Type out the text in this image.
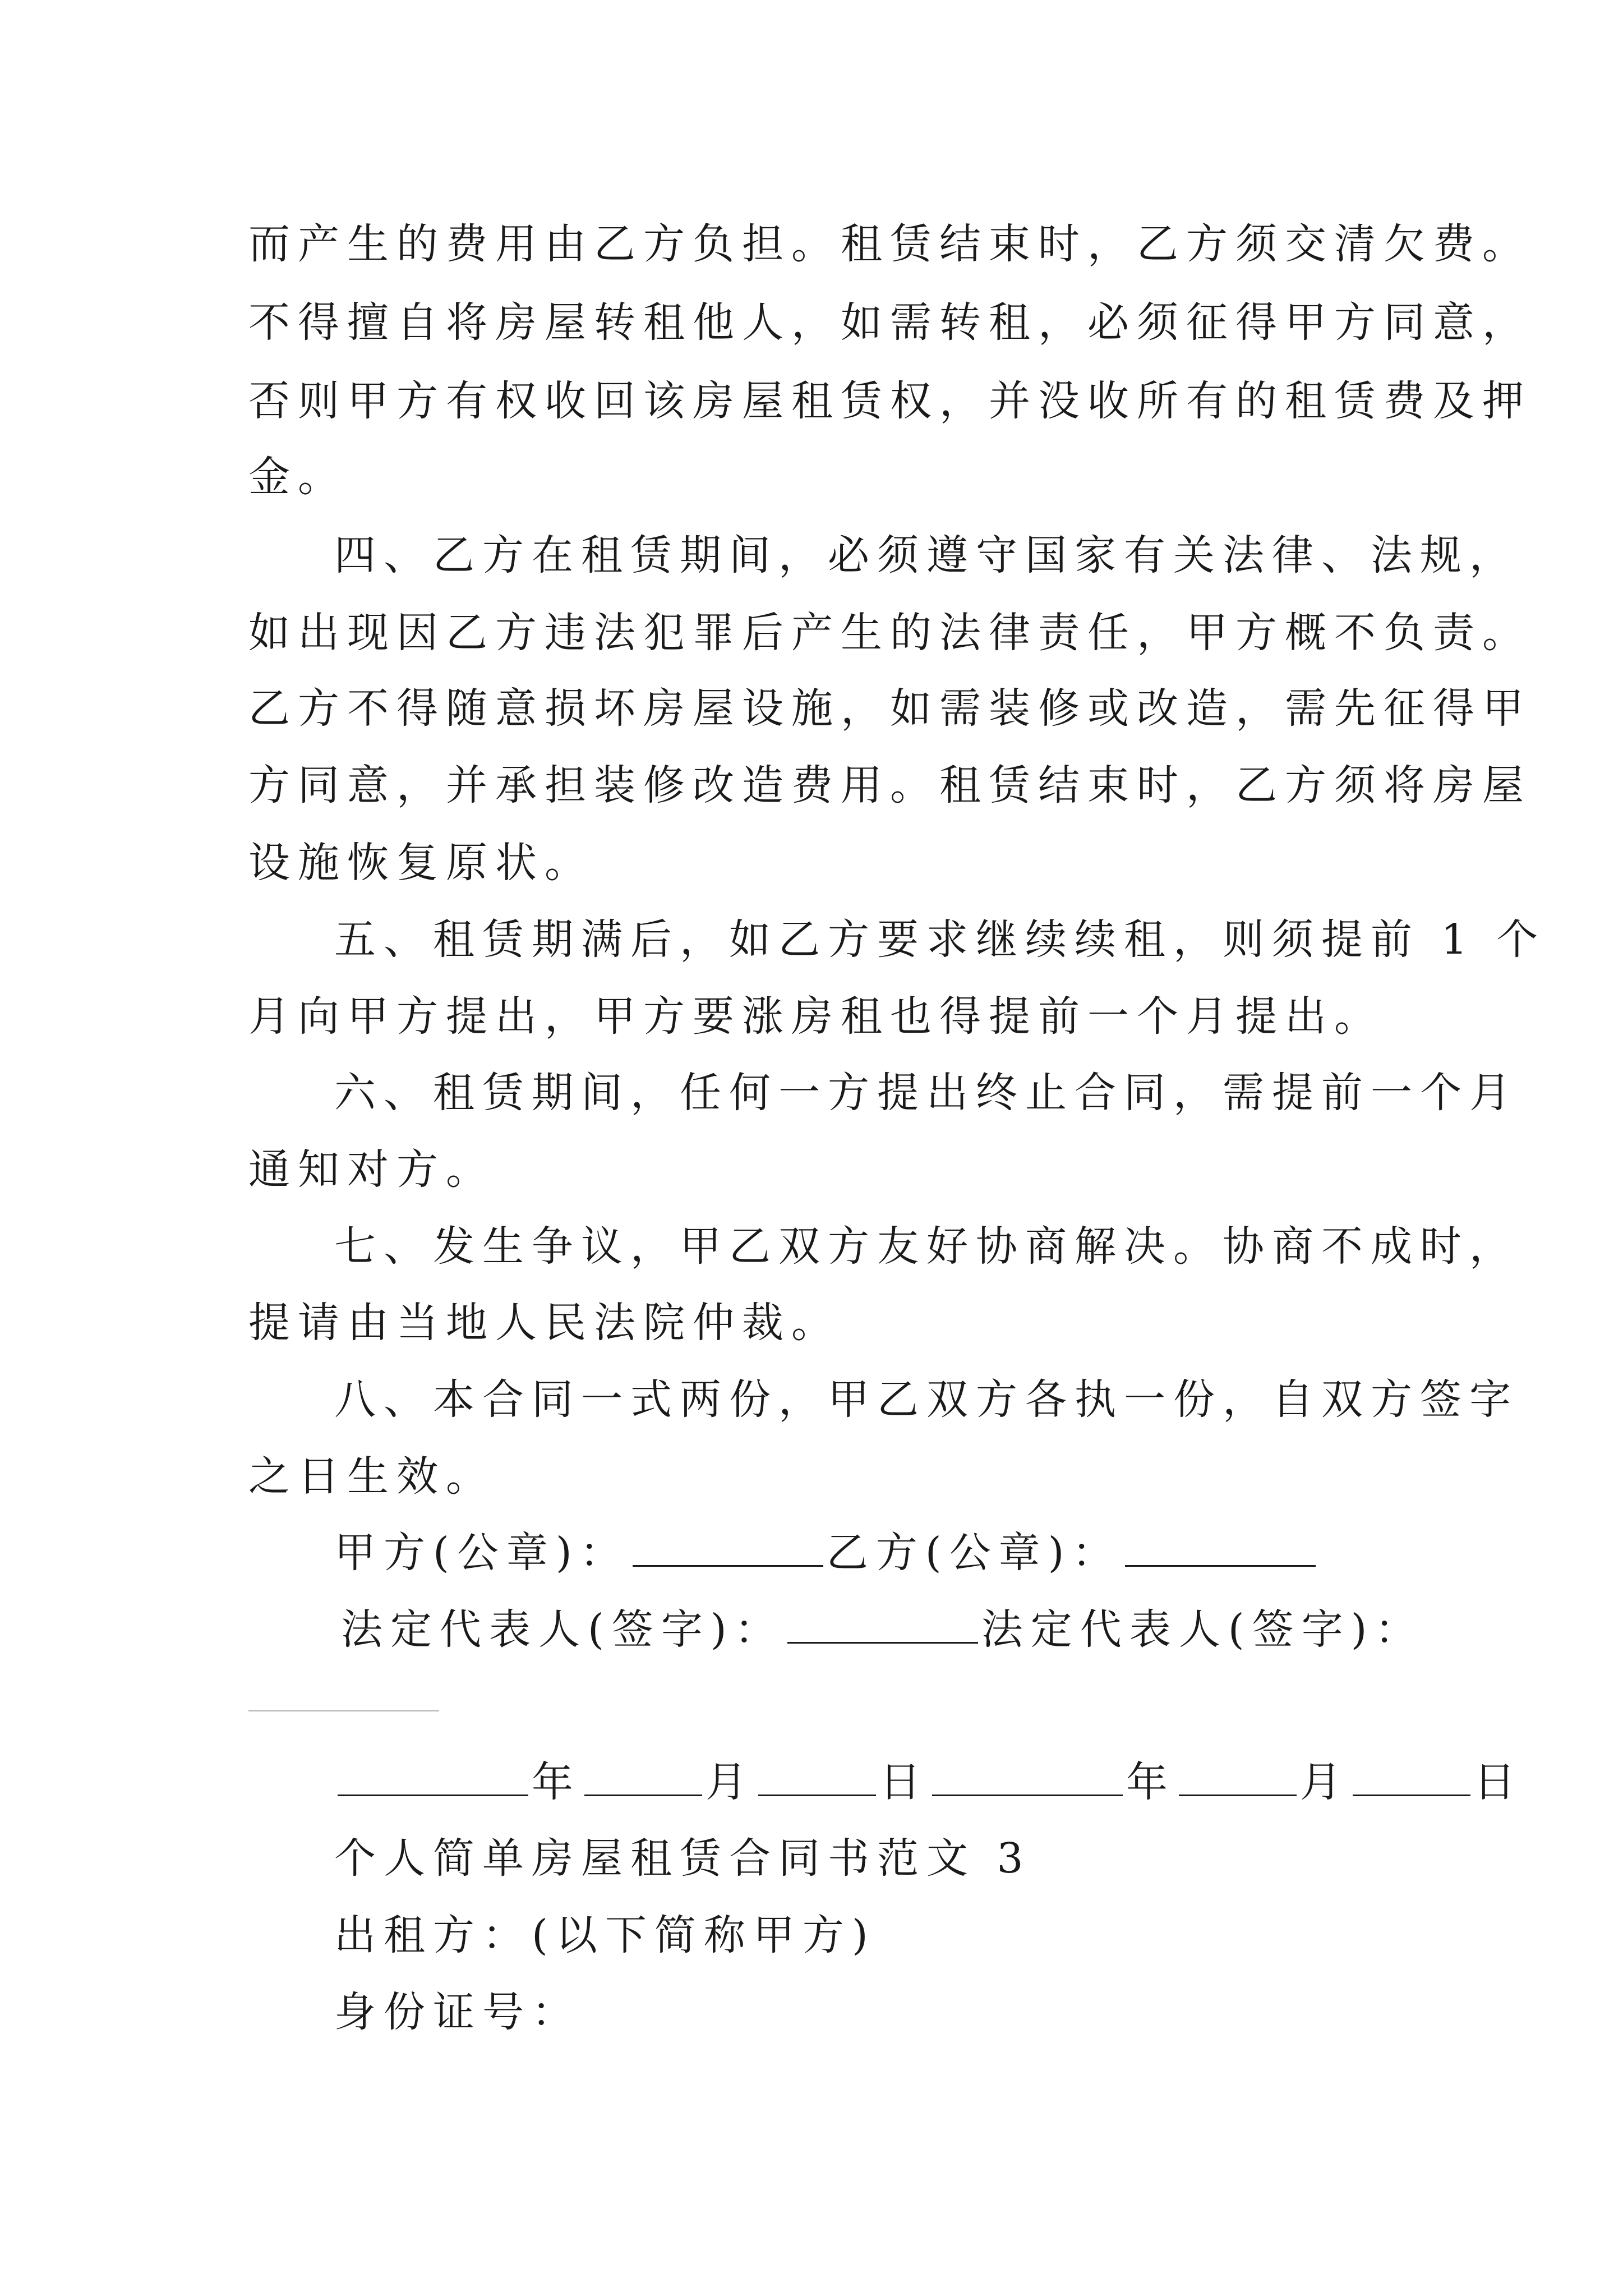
而产生的费用由乙方负担。租赁结束时，乙方须交清欠费。
不得擅自将房屋转租他人，如需转租，必须征得甲方同意，
否则甲方有权收回该房屋租赁权，并没收所有的租赁费及押
金。
四、乙方在租赁期间，必须遵守国家有关法律、法规，
如出现因乙方违法犯罪后产生的法律责任，甲方概不负责。
乙方不得随意损坏房屋设施，如需装修或改造，需先征得甲
方同意，并承担装修改造费用。租赁结束时，乙方须将房屋
设施恢复原状。
五、租赁期满后，如乙方要求继续续租，则须提前 1 个
月向甲方提出，甲方要涨房租也得提前一个月提出。
六、租赁期间，任何一方提出终止合同，需提前一个月
通知对方。
七、发生争议，甲乙双方友好协商解决。协商不成时，
提请由当地人民法院仲裁。
八、本合同一式两份，甲乙双方各执一份，自双方签字
之日生效。
甲方(公章)：	乙方(公章)：
法定代表人(签字)：	法定代表人(签字)：
年	月	日	年	月	日
个人简单房屋租赁合同书范文 3
出租方：(以下简称甲方)
身份证号：
